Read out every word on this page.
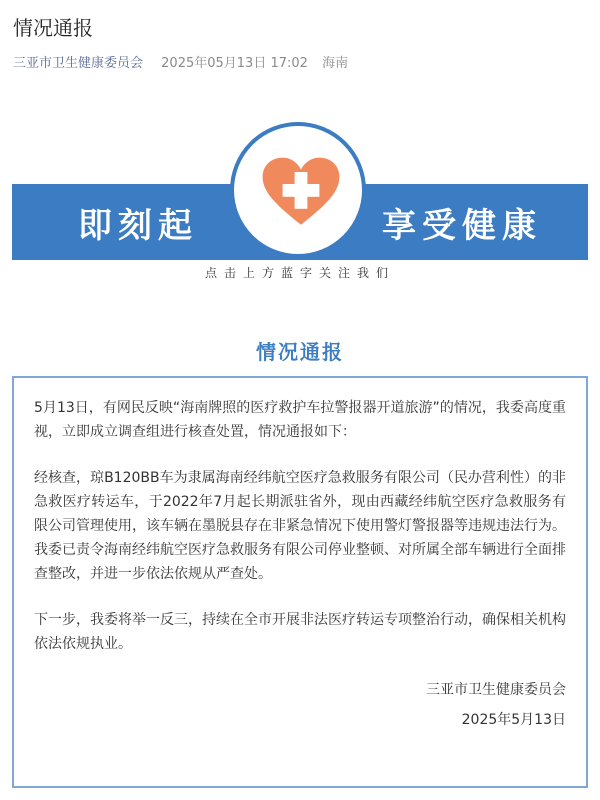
情况通报
三亚市卫生健康委员会 2025年05月13日 17:02 海南
即刻起	享受健康
点击上方蓝字关注我们
情况通报

5月13日，有网民反映“海南牌照的医疗救护车拉警报器开道旅游”的情况，我委高度重视，立即成立调查组进行核查处置，情况通报如下：

经核查，琼B120BB车为隶属海南经纬航空医疗急救服务有限公司（民办营利性）的非急救医疗转运车，于2022年7月起长期派驻省外，现由西藏经纬航空医疗急救服务有限公司管理使用，该车辆在墨脱县存在非紧急情况下使用警灯警报器等违规违法行为。我委已责令海南经纬航空医疗急救服务有限公司停业整顿、对所属全部车辆进行全面排查整改，并进一步依法依规从严查处。

下一步，我委将举一反三，持续在全市开展非法医疗转运专项整治行动，确保相关机构依法依规执业。

三亚市卫生健康委员会
2025年5月13日
